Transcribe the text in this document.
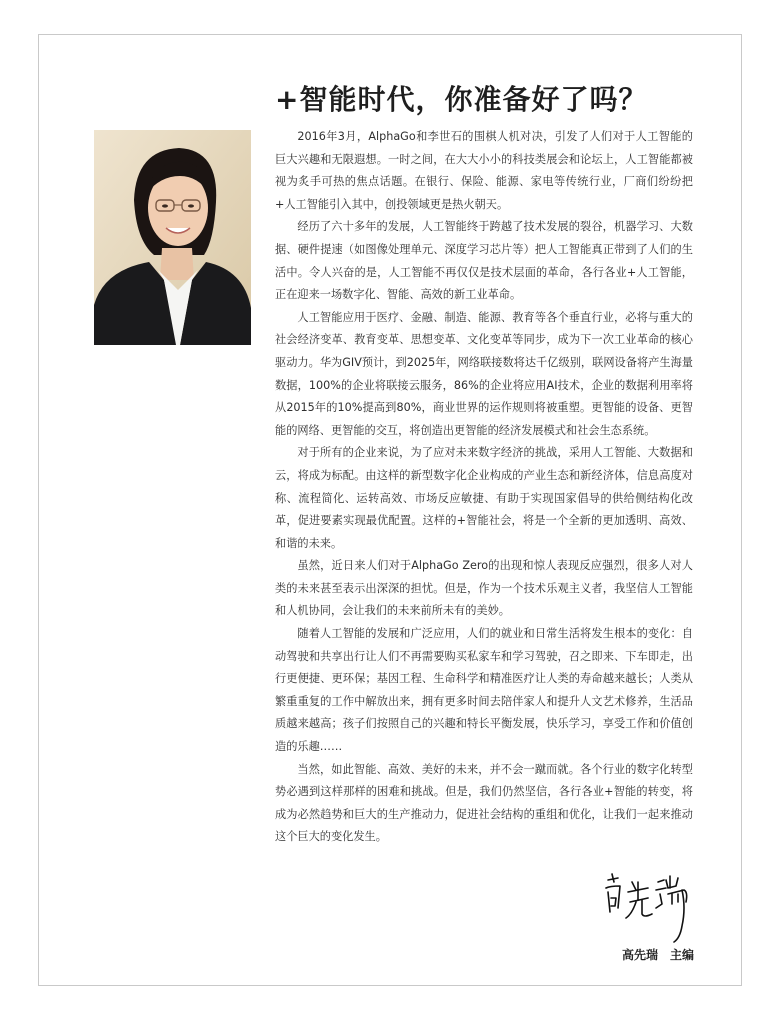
+智能时代，你准备好了吗？

2016年3月，AlphaGo和李世石的围棋人机对决，引发了人们对于人工智能的巨大兴趣和无限遐想。一时之间，在大大小小的科技类展会和论坛上，人工智能都被视为炙手可热的焦点话题。在银行、保险、能源、家电等传统行业，厂商们纷纷把+人工智能引入其中，创投领域更是热火朝天。

经历了六十多年的发展，人工智能终于跨越了技术发展的裂谷，机器学习、大数据、硬件提速（如图像处理单元、深度学习芯片等）把人工智能真正带到了人们的生活中。令人兴奋的是，人工智能不再仅仅是技术层面的革命，各行各业+人工智能，正在迎来一场数字化、智能、高效的新工业革命。

人工智能应用于医疗、金融、制造、能源、教育等各个垂直行业，必将与重大的社会经济变革、教育变革、思想变革、文化变革等同步，成为下一次工业革命的核心驱动力。华为GIV预计，到2025年，网络联接数将达千亿级别，联网设备将产生海量数据，100%的企业将联接云服务，86%的企业将应用AI技术，企业的数据利用率将从2015年的10%提高到80%，商业世界的运作规则将被重塑。更智能的设备、更智能的网络、更智能的交互，将创造出更智能的经济发展模式和社会生态系统。

对于所有的企业来说，为了应对未来数字经济的挑战，采用人工智能、大数据和云，将成为标配。由这样的新型数字化企业构成的产业生态和新经济体，信息高度对称、流程简化、运转高效、市场反应敏捷、有助于实现国家倡导的供给侧结构化改革，促进要素实现最优配置。这样的+智能社会，将是一个全新的更加透明、高效、和谐的未来。

虽然，近日来人们对于AlphaGo Zero的出现和惊人表现反应强烈，很多人对人类的未来甚至表示出深深的担忧。但是，作为一个技术乐观主义者，我坚信人工智能和人机协同，会让我们的未来前所未有的美妙。

随着人工智能的发展和广泛应用，人们的就业和日常生活将发生根本的变化：自动驾驶和共享出行让人们不再需要购买私家车和学习驾驶，召之即来、下车即走，出行更便捷、更环保；基因工程、生命科学和精准医疗让人类的寿命越来越长；人类从繁重重复的工作中解放出来，拥有更多时间去陪伴家人和提升人文艺术修养，生活品质越来越高；孩子们按照自己的兴趣和特长平衡发展，快乐学习，享受工作和价值创造的乐趣……

当然，如此智能、高效、美好的未来，并不会一蹴而就。各个行业的数字化转型势必遇到这样那样的困难和挑战。但是，我们仍然坚信，各行各业+智能的转变，将成为必然趋势和巨大的生产推动力，促进社会结构的重组和优化，让我们一起来推动这个巨大的变化发生。

高先瑞 主编
